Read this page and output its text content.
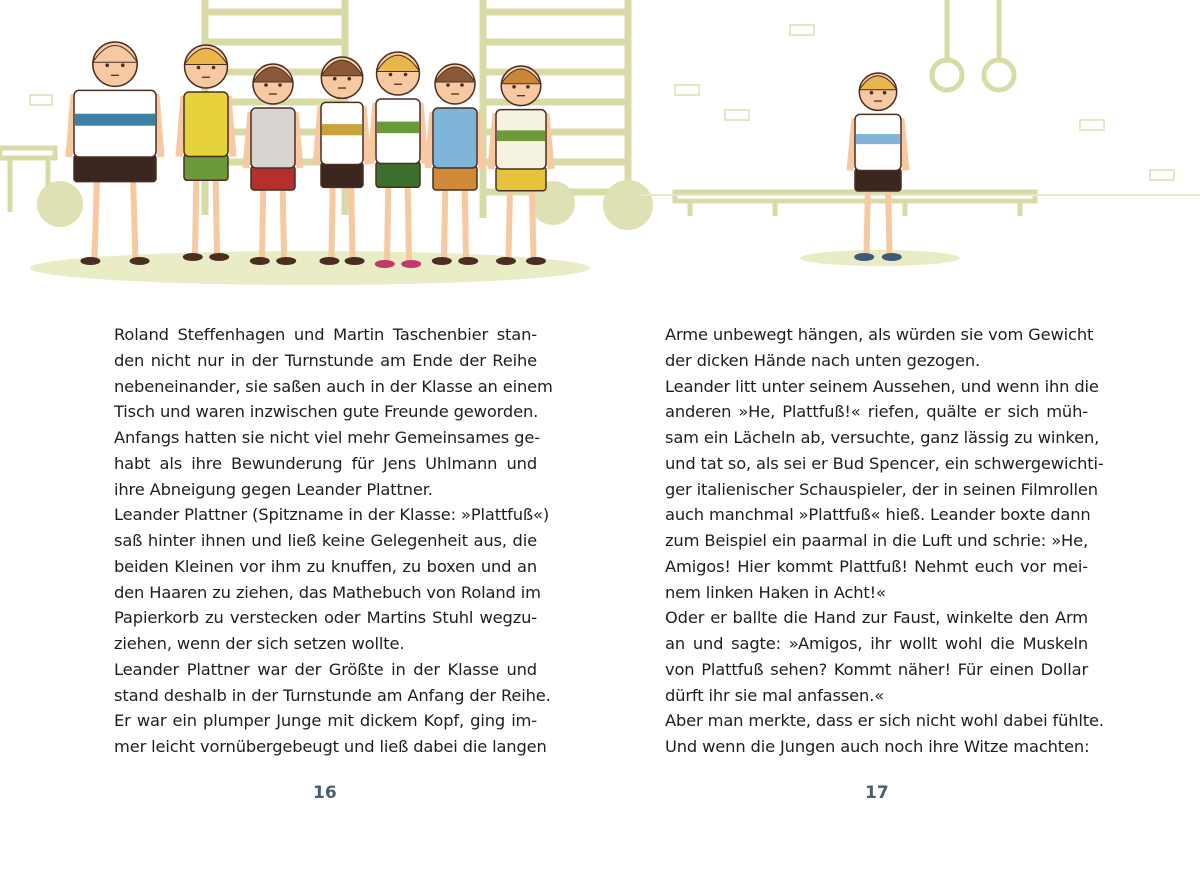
Roland Steffenhagen und Martin Taschenbier stan-
den nicht nur in der Turnstunde am Ende der Reihe
nebeneinander, sie saßen auch in der Klasse an einem
Tisch und waren inzwischen gute Freunde geworden.
Anfangs hatten sie nicht viel mehr Gemeinsames ge-
habt als ihre Bewunderung für Jens Uhlmann und
ihre Abneigung gegen Leander Plattner.
Leander Plattner (Spitzname in der Klasse: »Plattfuß«)
saß hinter ihnen und ließ keine Gelegenheit aus, die
beiden Kleinen vor ihm zu knuffen, zu boxen und an
den Haaren zu ziehen, das Mathebuch von Roland im
Papierkorb zu verstecken oder Martins Stuhl wegzu-
ziehen, wenn der sich setzen wollte.
Leander Plattner war der Größte in der Klasse und
stand deshalb in der Turnstunde am Anfang der Reihe.
Er war ein plumper Junge mit dickem Kopf, ging im-
mer leicht vornübergebeugt und ließ dabei die langen
Arme unbewegt hängen, als würden sie vom Gewicht
der dicken Hände nach unten gezogen.
Leander litt unter seinem Aussehen, und wenn ihn die
anderen »He, Plattfuß!« riefen, quälte er sich müh-
sam ein Lächeln ab, versuchte, ganz lässig zu winken,
und tat so, als sei er Bud Spencer, ein schwergewichti-
ger italienischer Schauspieler, der in seinen Filmrollen
auch manchmal »Plattfuß« hieß. Leander boxte dann
zum Beispiel ein paarmal in die Luft und schrie: »He,
Amigos! Hier kommt Plattfuß! Nehmt euch vor mei-
nem linken Haken in Acht!«
Oder er ballte die Hand zur Faust, winkelte den Arm
an und sagte: »Amigos, ihr wollt wohl die Muskeln
von Plattfuß sehen? Kommt näher! Für einen Dollar
dürft ihr sie mal anfassen.«
Aber man merkte, dass er sich nicht wohl dabei fühlte.
Und wenn die Jungen auch noch ihre Witze machten:
16	17
